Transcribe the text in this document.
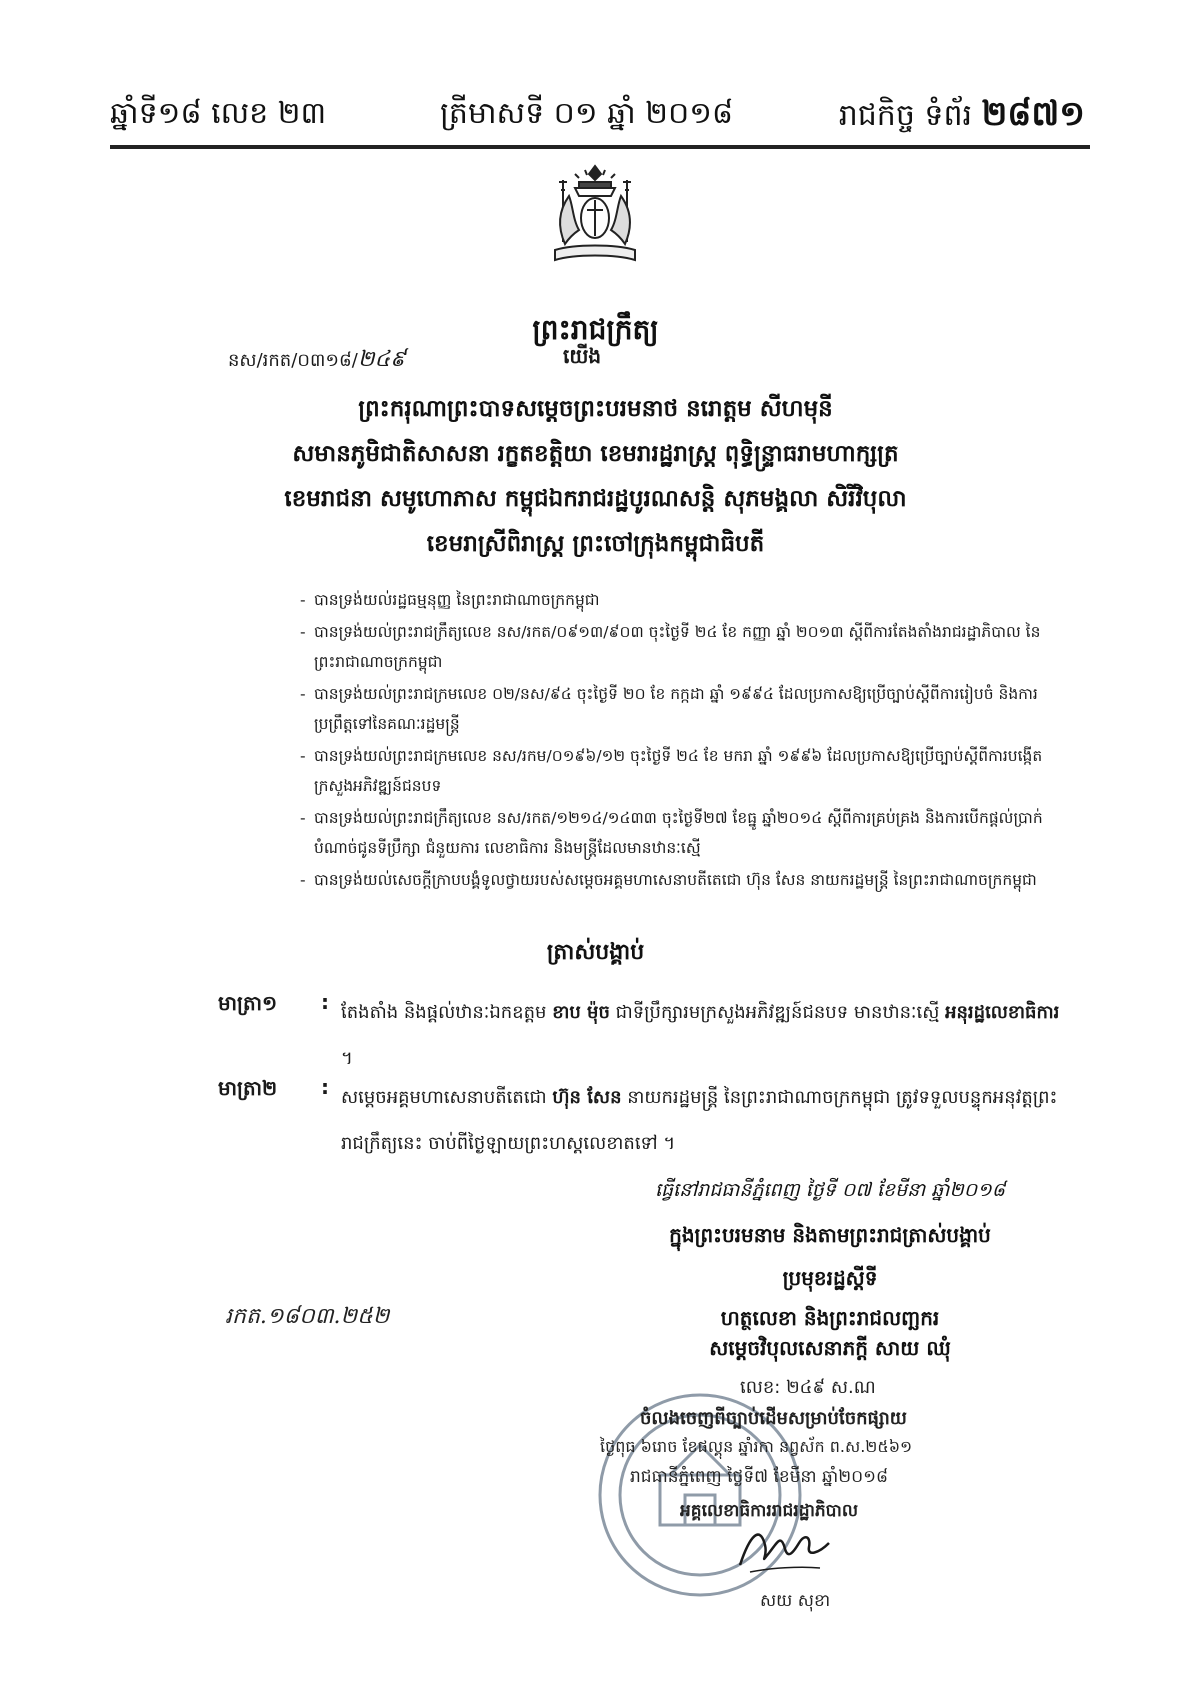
ឆ្នាំទី១៨ លេខ ២៣	ត្រីមាសទី ០១ ឆ្នាំ ២០១៨	រាជកិច្ច ទំព័រ ២៨៧១
ព្រះរាជក្រឹត្យ
នស/រកត/០៣១៨/២៤៩	យើង
ព្រះករុណាព្រះបាទសម្តេចព្រះបរមនាថ នរោត្តម សីហមុនី
សមានភូមិជាតិសាសនា រក្ខតខត្តិយា ខេមរារដ្ឋរាស្ត្រ ពុទ្ធិន្ទ្រាធរាមហាក្សត្រ
ខេមរាជនា សមូហោភាស កម្ពុជឯករាជរដ្ឋបូរណសន្តិ សុភមង្គលា សិរីវិបុលា
ខេមរាស្រីពិរាស្ត្រ ព្រះចៅក្រុងកម្ពុជាធិបតី
- បានទ្រង់យល់រដ្ឋធម្មនុញ្ញ នៃព្រះរាជាណាចក្រកម្ពុជា
- បានទ្រង់យល់ព្រះរាជក្រឹត្យលេខ នស/រកត/០៩១៣/៩០៣ ចុះថ្ងៃទី ២៤ ខែ កញ្ញា ឆ្នាំ ២០១៣ ស្តីពីការតែងតាំងរាជរដ្ឋាភិបាល នៃព្រះរាជាណាចក្រកម្ពុជា
- បានទ្រង់យល់ព្រះរាជក្រមលេខ ០២/នស/៩៤ ចុះថ្ងៃទី ២០ ខែ កក្កដា ឆ្នាំ ១៩៩៤ ដែលប្រកាសឱ្យប្រើច្បាប់ស្តីពីការរៀបចំ និងការប្រព្រឹត្តទៅនៃគណៈរដ្ឋមន្ត្រី
- បានទ្រង់យល់ព្រះរាជក្រមលេខ នស/រកម/០១៩៦/១២ ចុះថ្ងៃទី ២៤ ខែ មករា ឆ្នាំ ១៩៩៦ ដែលប្រកាសឱ្យប្រើច្បាប់ស្តីពីការបង្កើតក្រសួងអភិវឌ្ឍន៍ជនបទ
- បានទ្រង់យល់ព្រះរាជក្រឹត្យលេខ នស/រកត/១២១៤/១៤៣៣ ចុះថ្ងៃទី២៧ ខែធ្នូ ឆ្នាំ២០១៤ ស្តីពីការគ្រប់គ្រង និងការបើកផ្តល់ប្រាក់បំណាច់ជូនទីប្រឹក្សា ជំនួយការ លេខាធិការ និងមន្ត្រីដែលមានឋានៈស្មើ
- បានទ្រង់យល់សេចក្តីក្រាបបង្គំទូលថ្វាយរបស់សម្តេចអគ្គមហាសេនាបតីតេជោ ហ៊ុន សែន នាយករដ្ឋមន្ត្រី នៃព្រះរាជាណាចក្រកម្ពុជា
ត្រាស់បង្គាប់
មាត្រា១ : តែងតាំង និងផ្តល់ឋានៈឯកឧត្តម ខាប ម៉ុច ជាទីប្រឹក្សារមក្រសួងអភិវឌ្ឍន៍ជនបទ មានឋានៈស្មើ អនុរដ្ឋលេខាធិការ ។
មាត្រា២ : សម្តេចអគ្គមហាសេនាបតីតេជោ ហ៊ុន សែន នាយករដ្ឋមន្ត្រី នៃព្រះរាជាណាចក្រកម្ពុជា ត្រូវទទួលបន្ទុកអនុវត្តព្រះរាជក្រឹត្យនេះ ចាប់ពីថ្ងៃឡាយព្រះហស្តលេខាតទៅ ។
ធ្វើនៅរាជធានីភ្នំពេញ ថ្ងៃទី ០៧ ខែមីនា ឆ្នាំ២០១៨
ក្នុងព្រះបរមនាម និងតាមព្រះរាជត្រាស់បង្គាប់
ប្រមុខរដ្ឋស្តីទី
ហត្ថលេខា និងព្រះរាជលញ្ឆករ
សម្តេចវិបុលសេនាភក្តី សាយ ឈុំ
រកត.១៨០៣.២៥២
លេខ: ២៤៩ ស.ណ
ចំលងចេញពីច្បាប់ដើមសម្រាប់ចែកផ្សាយ
ថ្ងៃពុធ ៦រោច ខែផល្គុន ឆ្នាំរកា នព្វស័ក ព.ស.២៥៦១
រាជធានីភ្នំពេញ ថ្ងៃទី៧ ខែមីនា ឆ្នាំ២០១៨
អគ្គលេខាធិការរាជរដ្ឋាភិបាល
សយ សុខា
